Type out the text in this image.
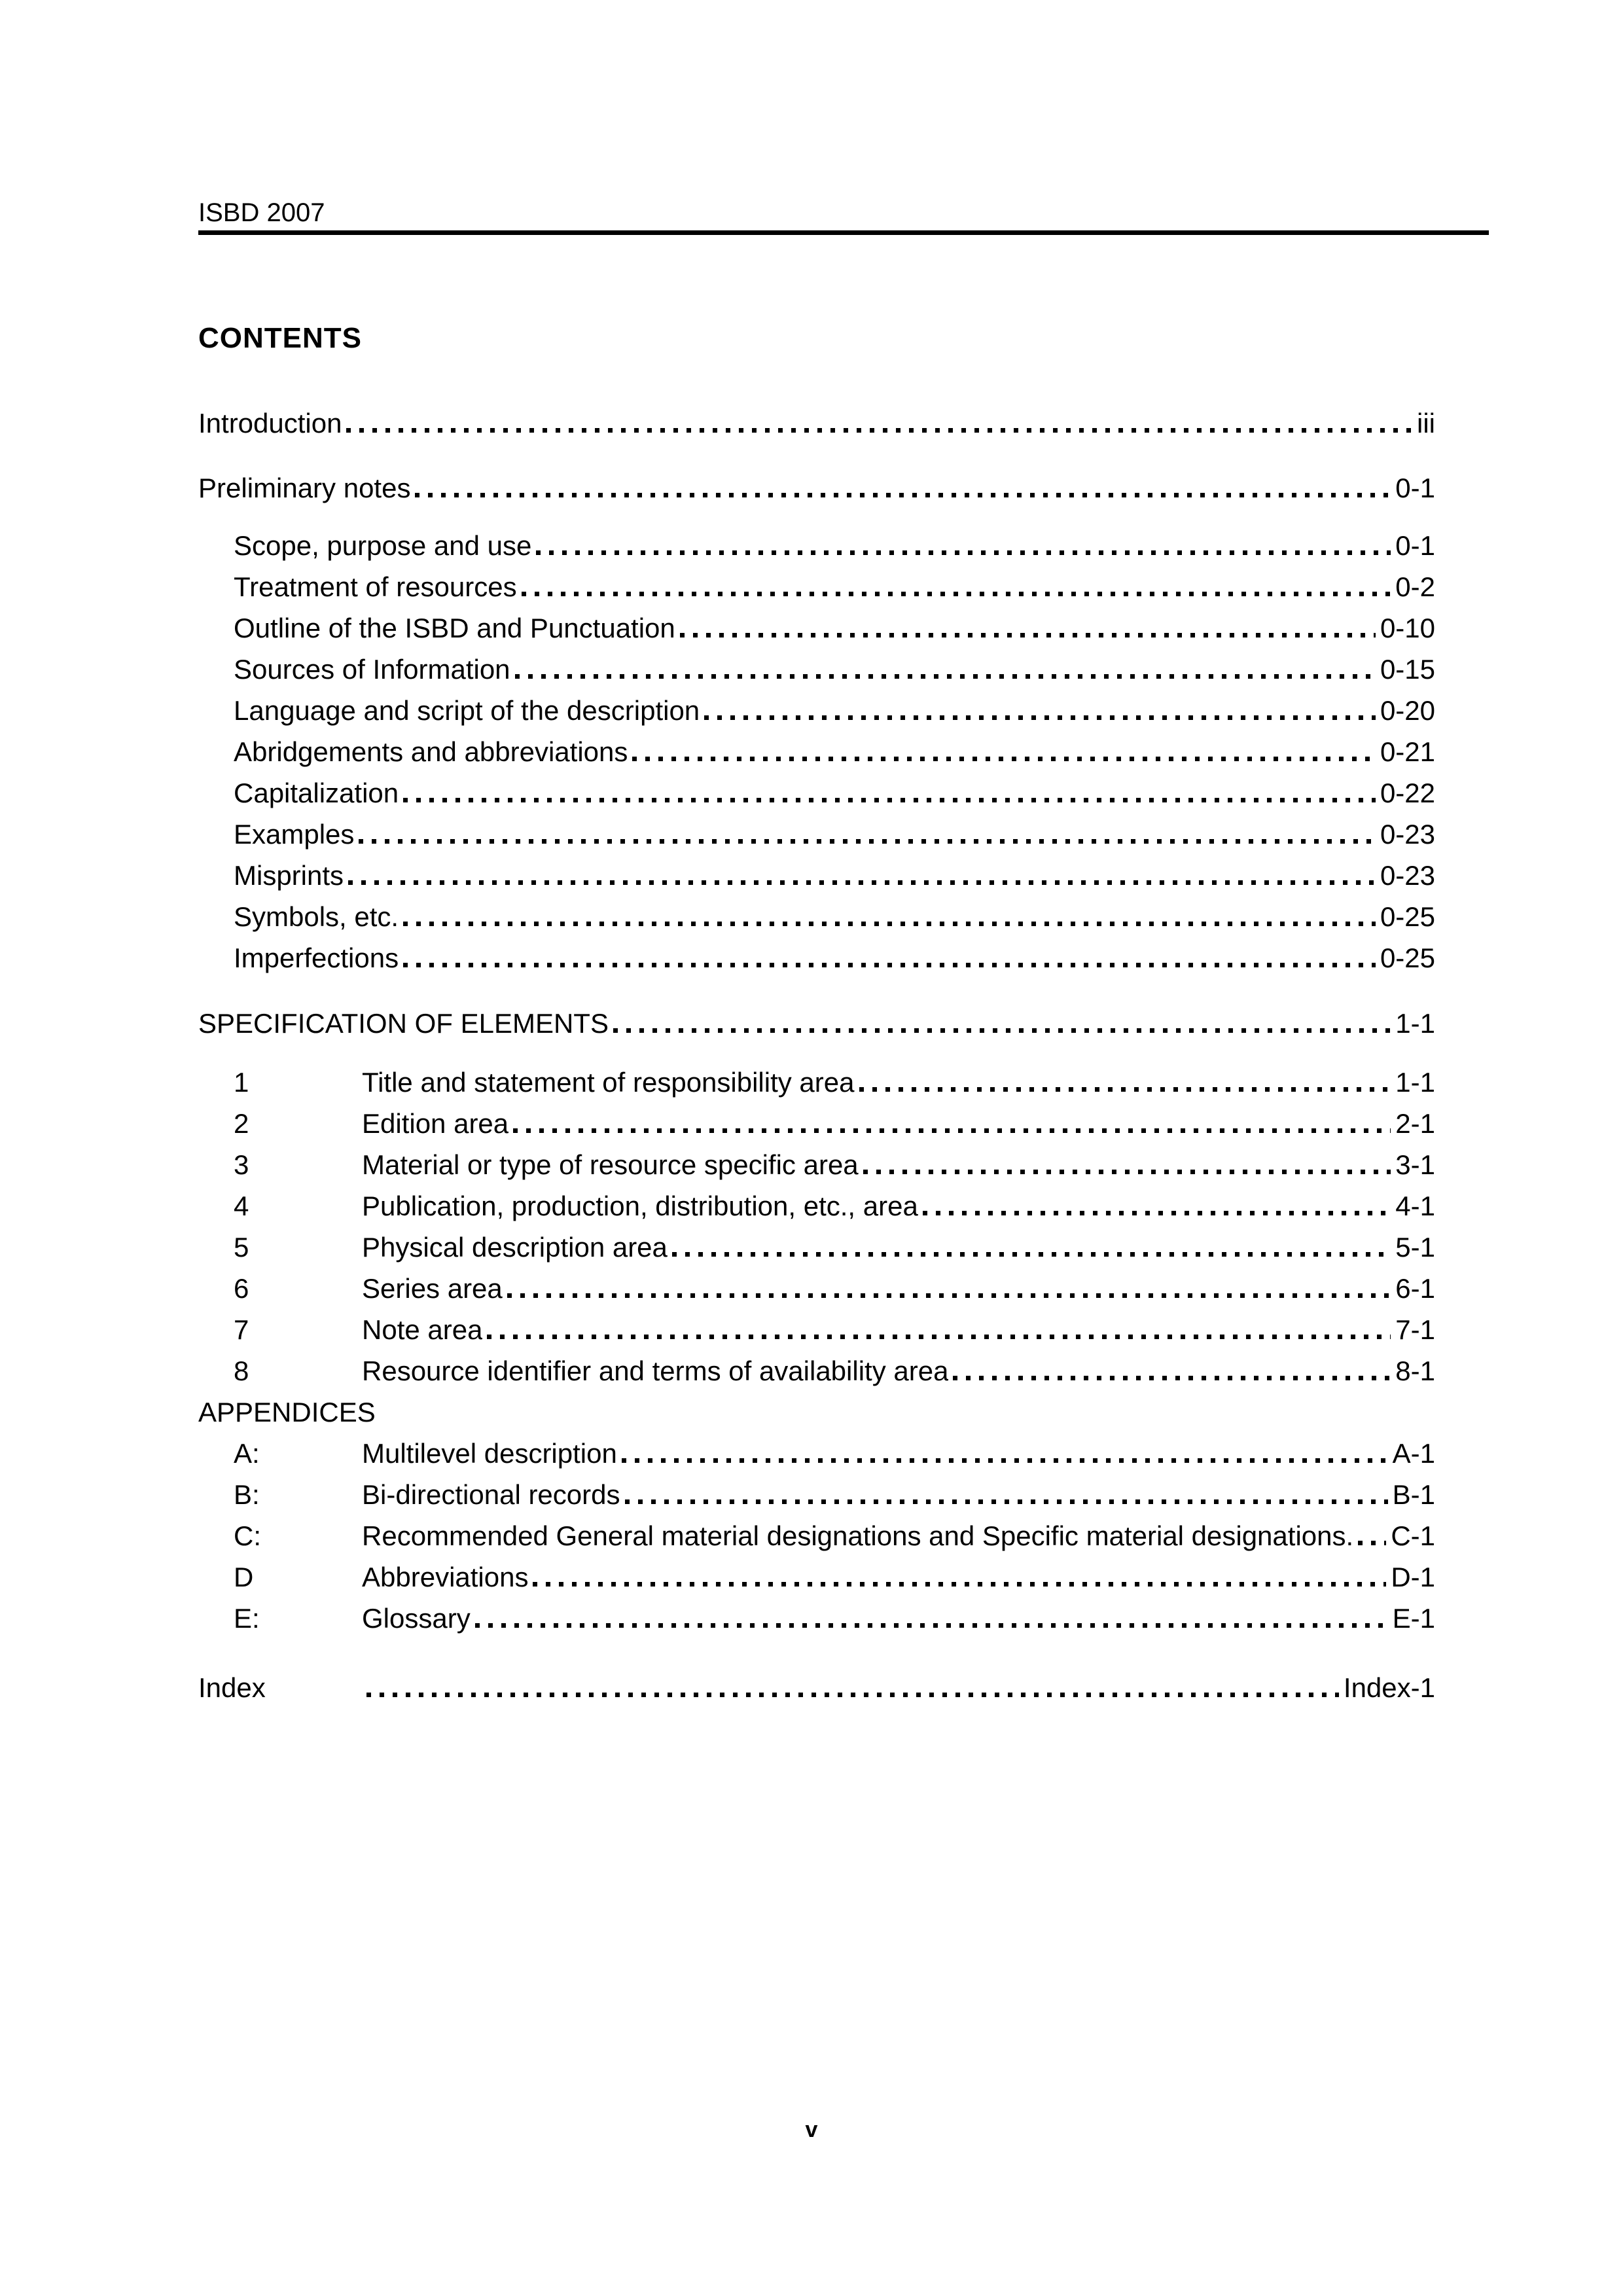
ISBD 2007
CONTENTS
Introduction	iii
Preliminary notes	0-1
Scope, purpose and use	0-1
Treatment of resources	0-2
Outline of the ISBD and Punctuation	0-10
Sources of Information	0-15
Language and script of the description	0-20
Abridgements and abbreviations	0-21
Capitalization	0-22
Examples	0-23
Misprints	0-23
Symbols, etc.	0-25
Imperfections	0-25
SPECIFICATION OF ELEMENTS	1-1
1	Title and statement of responsibility area	1-1
2	Edition area	2-1
3	Material or type of resource specific area	3-1
4	Publication, production, distribution, etc., area	4-1
5	Physical description area	5-1
6	Series area	6-1
7	Note area	7-1
8	Resource identifier and terms of availability area	8-1
APPENDICES
A:	Multilevel description	A-1
B:	Bi-directional records	B-1
C:	Recommended General material designations and Specific material designations. C-1
D	Abbreviations	D-1
E:	Glossary	E-1
Index	Index-1
v
